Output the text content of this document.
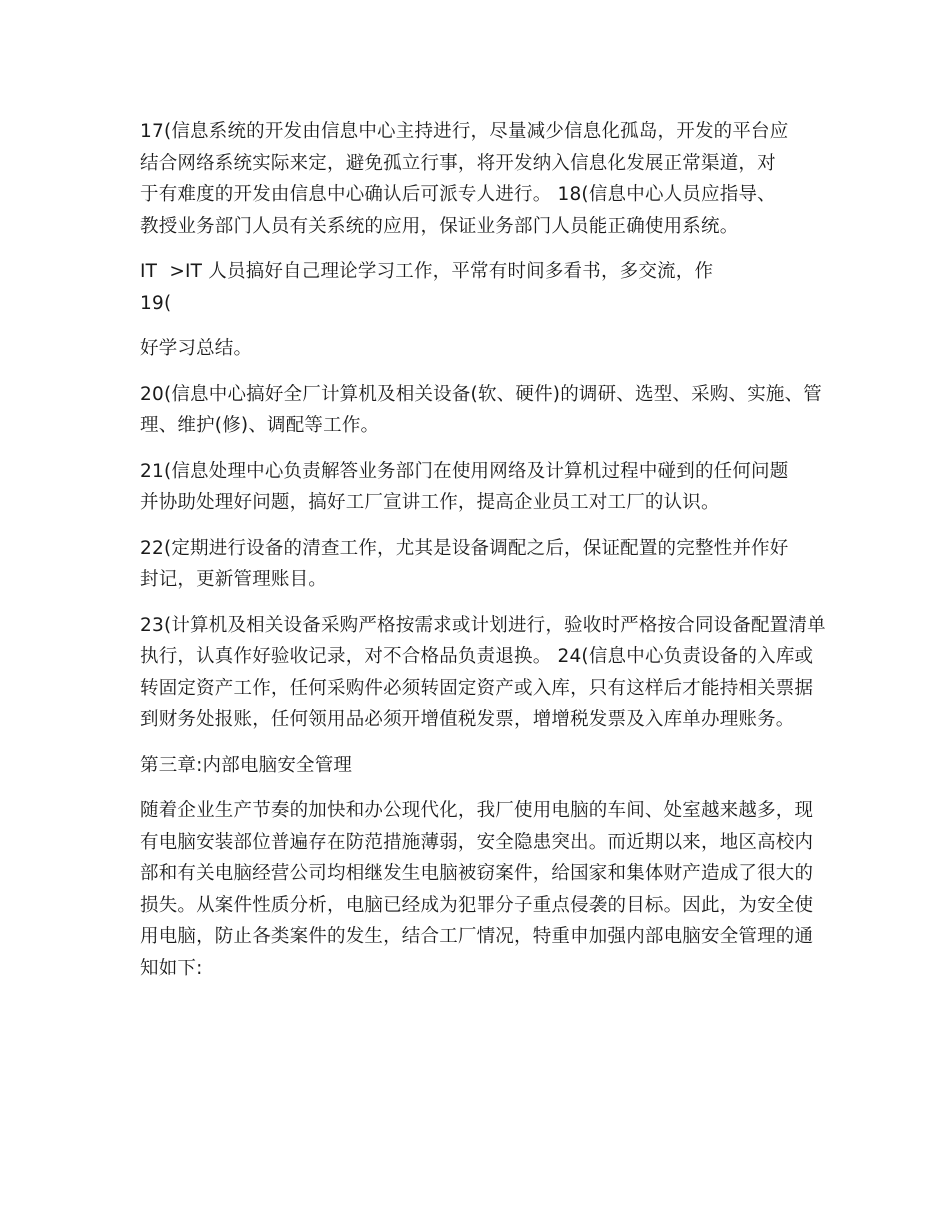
17(信息系统的开发由信息中心主持进行，尽量减少信息化孤岛，开发的平台应结合网络系统实际来定，避免孤立行事，将开发纳入信息化发展正常渠道，对于有难度的开发由信息中心确认后可派专人进行。 18(信息中心人员应指导、教授业务部门人员有关系统的应用，保证业务部门人员能正确使用系统。

IT  >IT 人员搞好自己理论学习工作，平常有时间多看书，多交流，作
19(

好学习总结。

20(信息中心搞好全厂计算机及相关设备(软、硬件)的调研、选型、采购、实施、管理、维护(修)、调配等工作。

21(信息处理中心负责解答业务部门在使用网络及计算机过程中碰到的任何问题并协助处理好问题，搞好工厂宣讲工作，提高企业员工对工厂的认识。

22(定期进行设备的清查工作，尤其是设备调配之后，保证配置的完整性并作好封记，更新管理账目。

23(计算机及相关设备采购严格按需求或计划进行，验收时严格按合同设备配置清单执行，认真作好验收记录，对不合格品负责退换。 24(信息中心负责设备的入库或转固定资产工作，任何采购件必须转固定资产或入库，只有这样后才能持相关票据到财务处报账，任何领用品必须开增值税发票，增增税发票及入库单办理账务。

第三章:内部电脑安全管理

随着企业生产节奏的加快和办公现代化，我厂使用电脑的车间、处室越来越多，现有电脑安装部位普遍存在防范措施薄弱，安全隐患突出。而近期以来，地区高校内部和有关电脑经营公司均相继发生电脑被窃案件，给国家和集体财产造成了很大的损失。从案件性质分析，电脑已经成为犯罪分子重点侵袭的目标。因此，为安全使用电脑，防止各类案件的发生，结合工厂情况，特重申加强内部电脑安全管理的通知如下:
